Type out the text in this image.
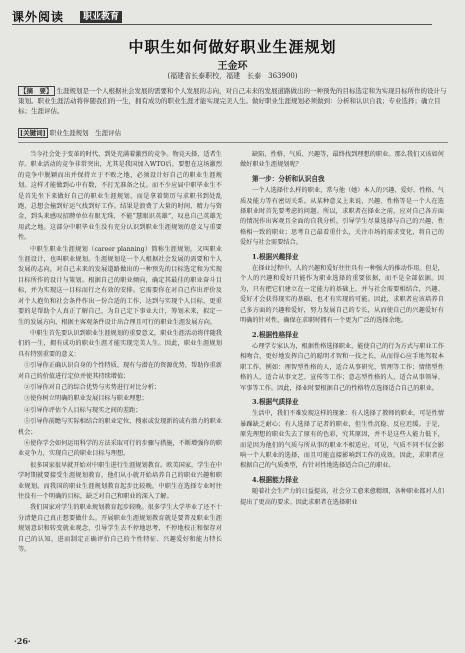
课外阅读	职业教育
中职生如何做好职业生涯规划
王金环
(福建省长泰职校，福建　长泰　363900)
【摘　要】 生涯规划是一个人根据社会发展的需要和个人发展的志向，对自己未来的发展道路做出的一种预先的目标选定和为实现目标所作的设计与策划。职业生涯活动将伴随我们的一生，拥有成功的职业生涯才能实现完美人生。做好职业生涯规划必须做到：分析和认识自我；专业选择；确立目标；生涯评估。
[关键词] 职业生涯规划　生涯评估

当今社会处于变革的时代，到处充满着激烈的竞争。物竞天择，适者生存。职业活动的竞争非常突出，尤其是我国加入WTO后，要想在这场激烈的竞争中脱颖而出并保持立于不败之地，必须设计好自己的职业生涯规划。这样才能做到心中有数，不打无准备之仗。而不少应届中职毕业生不是首先坐下来做好自己的职业生涯规划，而是拿着简历与求职书到处乱跑，总想会撞到好运气找到好工作。结果是浪费了大量的时间、精力与资金，到头来感叹招聘单位有眼无珠，不能“慧眼识英雄”，叹息自己英雄无用武之地。这部分中职毕业生没有充分认识到职业生涯规划的意义与重要性。

中职生职业生涯规划（career planning）简称生涯规划，又叫职业生涯设计，也叫职业规划。生涯规划是一个人根据社会发展的需要和个人发展的志向，对自己未来的发展道路做出的一种预先的目标选定和为实现目标所作的设计与策划。根据自己的职业倾向，确定其最佳的职业奋斗目标，并为实现这一目标而行之有效的安排。它需要你在对自己作出评价及对个人抱负和社会条件作出一份合适的工作，达到与实现个人目标，更重要的是帮助个人真正了解自己，为自己定下事业大计，筹划未来，拟定一生的发展方向，根据主客观条件设计出合理且可行的职业生涯发展方向。

中职生首先要认识到职业生涯规划的重要意义，职业生涯活动将伴随我们的一生，拥有成功的职业生涯才能实现完美人生。因此，职业生涯规划具有特别重要的意义：

①引导你正确认识自身的个性特质、现有与潜在的资源优势，帮助你重新对自己的价值进行定位并使其持续增值；

②引导你对自己的综合优势与劣势进行对比分析；

③使你树立明确的职业发展目标与职业理想；

④引导你评估个人目标与现实之间的差距；

⑤引导你前瞻与实际相结合的职业定位，搜索或发现新的或有潜力的职业机会；

⑥使你学会如何运用科学的方法采取可行的步骤与措施，不断增强你的职业竞争力，实现自己的职业目标与理想。

很多国家很早就开始对中职生进行生涯规划教育。欧美国家，学生在中学时期就要接受生涯规划教育，他们从小就开始培养自己的职业兴趣和职业规划。而我国的职业生涯规划教育起步比较晚，中职生在选择专业时往往没有一个明确的目标，缺乏对自己和职业的深入了解。

我们国家对学生的职业规划教育起步较晚。很多学生大学毕业了还不十分清楚自己真正想要做什么。开展职业生涯规划教育就是要普及职业生涯规划意识和转变就业观念，引导学生去不停地思考，不停地校正和保存对自己的认知，进而制定正确评价自己的个性特征、兴趣爱好和能力特长等。

缺陷、性格、气质、兴趣等，最终找到理想的职业。那么我们又该如何做好职业生涯规划呢？

第一步：分析和认识自我

一个人选择什么样的职业，常与他（她）本人的兴趣、爱好、性格、气质及能力等有密切关系。从某种意义上来说，兴趣、性格等是一个人在选择职业时首先要考虑的问题。所以，求职者在择业之前，应对自己各方面的情况作出客观且全面的自我分析。引导学生尽量选择与自己的兴趣、性格相一致的职业；思考自己最看重什么，关注市场的需求变化，将自己的爱好与社会需要结合。

1.根据兴趣择业

在择业过程中，人的兴趣和爱好往往具有一种强大的推动作用。但是，个人的兴趣和爱好只能作为职业选择的重要依据，而不是全部依据。因为，只有把它们建立在一定能力的基础上，并与社会需要相结合，兴趣、爱好才会获得现实的基础，也才有实现的可能。因此，求职者应该培养自己多方面的兴趣和爱好，努力发展自己的专长，从而使自己的兴趣爱好有明确的针对性，确保在求职时拥有一个更为广泛的选择余地。

2.根据性格择业

心理学专家认为，根据性格选择职业，能使自己的行为方式与职业工作相吻合，更好地发挥自己的聪明才智和一技之长，从而得心应手地驾驭本职工作。例如：理智型性格的人，适合从事研究、管理等工作；情绪型性格的人，适合从事文艺、宣传等工作；意志型性格的人，适合从事领导、军事等工作。因此，择业时要根据自己的性格特点选择适合自己的职业。

3.根据气质择业

生活中，我们不难发现这样的现象：有人选择了教师的职业，可是性情暴躁缺乏耐心；有人选择了记者的职业，但生性沉稳、反应迟缓。于是，原先理想的职业失去了原有的色彩，究其原因，并不是这些人能力低下，而是因为他们的气质与所从事的职业不相适应。可见，气质不同不仅会影响一个人职业的选择，而且可能直接影响到工作的成效。因此，求职者应根据自己的气质类型，有针对性地选择适合自己的职业。

4.根据能力择业

随着社会生产力的日益提高，社会分工愈来愈精细，各种职业都对人们提出了更高的要求。因此求职者在选择职业

·26·
